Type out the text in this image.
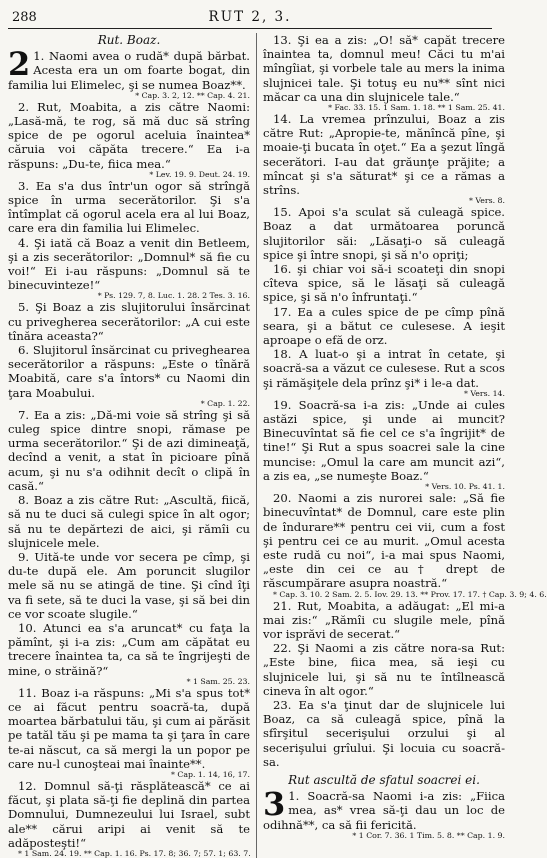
288	RUT 2, 3.
Rut. Boaz.
2 1. Naomi avea o rudă* după bărbat. Acesta era un om foarte bogat, din familia lui Elimelec, şi se numea Boaz**.
* Cap. 3. 2, 12. ** Cap. 4. 21.
2. Rut, Moabita, a zis către Naomi: „Lasă-mă, te rog, să mă duc să strîng spice de pe ogorul aceluia înaintea* căruia voi căpăta trecere.“ Ea i-a răspuns: „Du-te, fiica mea.“
* Lev. 19. 9. Deut. 24. 19.
3. Ea s'a dus într'un ogor să strîngă spice în urma secerătorilor. Şi s'a întîmplat că ogorul acela era al lui Boaz, care era din familia lui Elimelec.
4. Şi iată că Boaz a venit din Betleem, şi a zis secerătorilor: „Domnul* să fie cu voi!“ Ei i-au răspuns: „Domnul să te binecuvinteze!“
* Ps. 129. 7, 8. Luc. 1. 28. 2 Tes. 3. 16.
5. Şi Boaz a zis slujitorului însărcinat cu privegherea secerătorilor: „A cui este tînăra aceasta?“
6. Slujitorul însărcinat cu priveghearea secerătorilor a răspuns: „Este o tînără Moabită, care s'a întors* cu Naomi din ţara Moabului.
* Cap. 1. 22.
7. Ea a zis: „Dă-mi voie să strîng şi să culeg spice dintre snopi, rămase pe urma secerătorilor.“ Şi de azi dimineaţă, decînd a venit, a stat în picioare pînă acum, şi nu s'a odihnit decît o clipă în casă.“
8. Boaz a zis către Rut: „Ascultă, fiică, să nu te duci să culegi spice în alt ogor; să nu te depărtezi de aici, şi rămîi cu slujnicele mele.
9. Uită-te unde vor secera pe cîmp, şi du-te după ele. Am poruncit slugilor mele să nu se atingă de tine. Şi cînd îţi va fi sete, să te duci la vase, şi să bei din ce vor scoate slugile.“
10. Atunci ea s'a aruncat* cu faţa la pămînt, şi i-a zis: „Cum am căpătat eu trecere înaintea ta, ca să te îngrijeşti de mine, o străină?“
* 1 Sam. 25. 23.
11. Boaz i-a răspuns: „Mi s'a spus tot* ce ai făcut pentru soacră-ta, după moartea bărbatului tău, şi cum ai părăsit pe tatăl tău şi pe mama ta şi ţara în care te-ai născut, ca să mergi la un popor pe care nu-l cunoşteai mai înainte**.
* Cap. 1. 14, 16, 17.
12. Domnul să-ţi răsplătească* ce ai făcut, şi plata să-ţi fie deplină din partea Domnului, Dumnezeului lui Israel, subt ale** cărui aripi ai venit să te adăposteşti!“
* 1 Sam. 24. 19. ** Cap. 1. 16. Ps. 17. 8; 36. 7; 57. 1; 63. 7.
13. Şi ea a zis: „O! să* capăt trecere înaintea ta, domnul meu! Căci tu m'ai mîngîiat, şi vorbele tale au mers la inima slujnicei tale. Şi totuş eu nu** sînt nici măcar ca una din slujnicele tale.“
* Fac. 33. 15. 1 Sam. 1. 18. ** 1 Sam. 25. 41.
14. La vremea prînzului, Boaz a zis către Rut: „Apropie-te, mănîncă pîne, şi moaie-ţi bucata în oţet.“ Ea a şezut lîngă secerători. I-au dat grăunţe prăjite; a mîncat şi s'a săturat* şi ce a rămas a strîns.
* Vers. 8.
15. Apoi s'a sculat să culeagă spice. Boaz a dat următoarea poruncă slujitorilor săi: „Lăsaţi-o să culeagă spice şi între snopi, şi să n'o opriţi;
16. şi chiar voi să-i scoateţi din snopi cîteva spice, să le lăsaţi să culeagă spice, şi să n'o înfruntaţi.“
17. Ea a cules spice de pe cîmp pînă seara, şi a bătut ce culesese. A ieşit aproape o efă de orz.
18. A luat-o şi a intrat în cetate, şi soacră-sa a văzut ce culesese. Rut a scos şi rămăşiţele dela prînz şi* i le-a dat.
* Vers. 14.
19. Soacră-sa i-a zis: „Unde ai cules astăzi spice, şi unde ai muncit? Binecuvîntat să fie cel ce s'a îngrijit* de tine!“ Şi Rut a spus soacrei sale la cine muncise: „Omul la care am muncit azi“, a zis ea, „se numeşte Boaz.“
* Vers. 10. Ps. 41. 1.
20. Naomi a zis nurorei sale: „Să fie binecuvîntat* de Domnul, care este plin de îndurare** pentru cei vii, cum a fost şi pentru cei ce au murit. „Omul acesta este rudă cu noi“, i-a mai spus Naomi, „este din cei ce au† drept de răscumpărare asupra noastră.“
* Cap. 3. 10. 2 Sam. 2. 5. Iov. 29. 13. ** Prov. 17. 17. † Cap. 3. 9; 4. 6.
21. Rut, Moabita, a adăugat: „El mi-a mai zis:“ „Rămîi cu slugile mele, pînă vor isprăvi de secerat.“
22. Şi Naomi a zis către nora-sa Rut: „Este bine, fiica mea, să ieşi cu slujnicele lui, şi să nu te întîlnească cineva în alt ogor.“
23. Ea s'a ţinut dar de slujnicele lui Boaz, ca să culeagă spice, pînă la sfîrşitul secerişului orzului şi al secerişului grîului. Şi locuia cu soacră-sa.
Rut ascultă de sfatul soacrei ei.
3 1. Soacră-sa Naomi i-a zis: „Fiica mea, as* vrea să-ţi dau un loc de odihnă**, ca să fii fericită.
* 1 Cor. 7. 36. 1 Tim. 5. 8. ** Cap. 1. 9.
